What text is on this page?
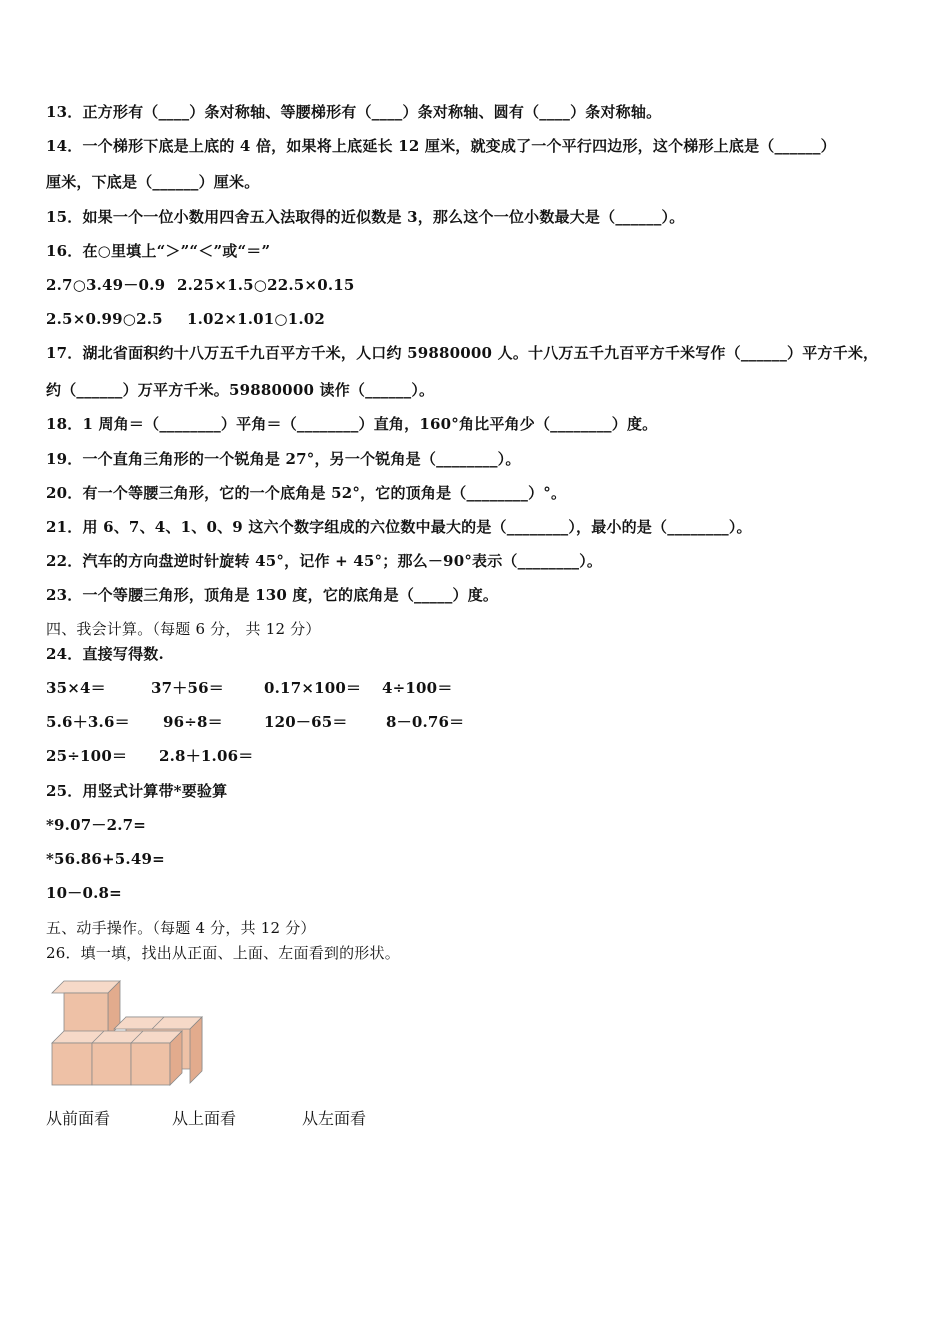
13．正方形有（____）条对称轴、等腰梯形有（____）条对称轴、圆有（____）条对称轴。
14．一个梯形下底是上底的 4 倍，如果将上底延长 12 厘米，就变成了一个平行四边形，这个梯形上底是（______）
厘米，下底是（______）厘米。
15．如果一个一位小数用四舍五入法取得的近似数是 3，那么这个一位小数最大是（______）。
16．在○里填上“＞”“＜”或“＝”
2.7○3.49－0.9 2.25×1.5○22.5×0.15
2.5×0.99○2.5 1.02×1.01○1.02
17．湖北省面积约十八万五千九百平方千米，人口约 59880000 人。十八万五千九百平方千米写作（______）平方千米，
约（______）万平方千米。59880000 读作（______）。
18．1 周角＝（________）平角＝（________）直角，160°角比平角少（________）度。
19．一个直角三角形的一个锐角是 27°，另一个锐角是（________）。
20．有一个等腰三角形，它的一个底角是 52°，它的顶角是（________）°。
21．用 6、7、4、1、0、9 这六个数字组成的六位数中最大的是（________），最小的是（________）。
22．汽车的方向盘逆时针旋转 45°，记作 + 45°；那么－90°表示（________）。
23．一个等腰三角形，顶角是 130 度，它的底角是（_____）度。
四、我会计算。（每题 6 分， 共 12 分）
24．直接写得数.
35×4＝	37＋56＝	0.17×100＝ 4÷100＝
5.6＋3.6＝ 96÷8＝	120－65＝	8－0.76＝
25÷100＝ 2.8＋1.06＝
25．用竖式计算带*要验算
*9.07－2.7=
*56.86+5.49=
10－0.8=
五、动手操作。（每题 4 分，共 12 分）
26．填一填，找出从正面、上面、左面看到的形状。
从前面看	从上面看	从左面看
